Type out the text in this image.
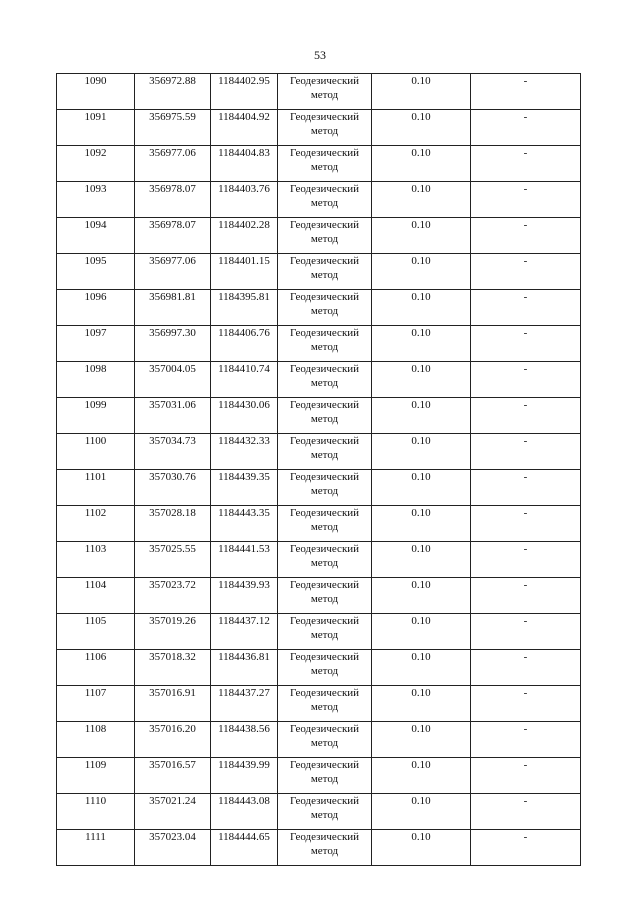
53
1090	356972.88	1184402.95	Геодезический метод	0.10	-
1091	356975.59	1184404.92	Геодезический метод	0.10	-
1092	356977.06	1184404.83	Геодезический метод	0.10	-
1093	356978.07	1184403.76	Геодезический метод	0.10	-
1094	356978.07	1184402.28	Геодезический метод	0.10	-
1095	356977.06	1184401.15	Геодезический метод	0.10	-
1096	356981.81	1184395.81	Геодезический метод	0.10	-
1097	356997.30	1184406.76	Геодезический метод	0.10	-
1098	357004.05	1184410.74	Геодезический метод	0.10	-
1099	357031.06	1184430.06	Геодезический метод	0.10	-
1100	357034.73	1184432.33	Геодезический метод	0.10	-
1101	357030.76	1184439.35	Геодезический метод	0.10	-
1102	357028.18	1184443.35	Геодезический метод	0.10	-
1103	357025.55	1184441.53	Геодезический метод	0.10	-
1104	357023.72	1184439.93	Геодезический метод	0.10	-
1105	357019.26	1184437.12	Геодезический метод	0.10	-
1106	357018.32	1184436.81	Геодезический метод	0.10	-
1107	357016.91	1184437.27	Геодезический метод	0.10	-
1108	357016.20	1184438.56	Геодезический метод	0.10	-
1109	357016.57	1184439.99	Геодезический метод	0.10	-
1110	357021.24	1184443.08	Геодезический метод	0.10	-
1111	357023.04	1184444.65	Геодезический метод	0.10	-
